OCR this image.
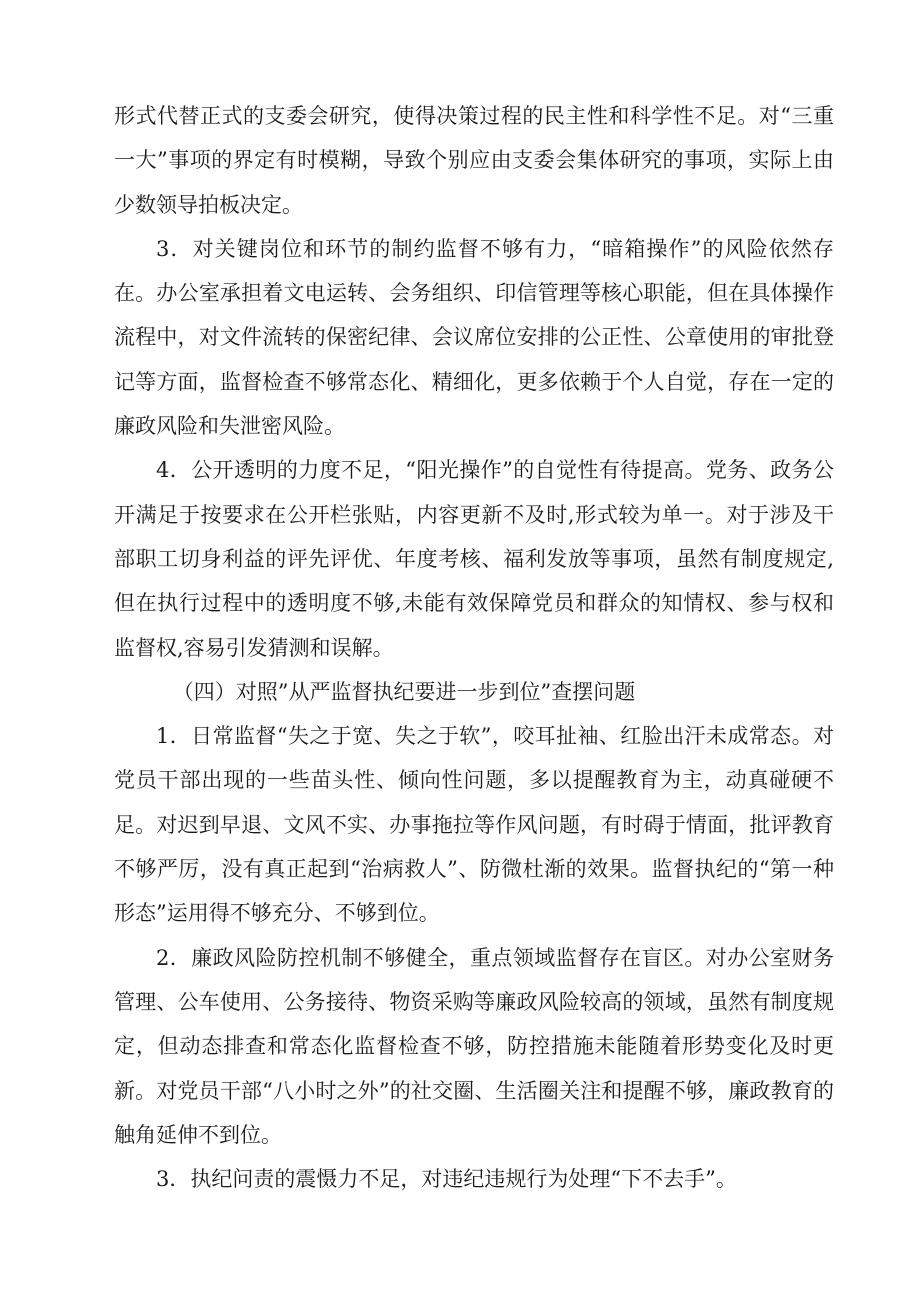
形式代替正式的支委会研究，使得决策过程的民主性和科学性不足。对“三重一大”事项的界定有时模糊，导致个别应由支委会集体研究的事项，实际上由少数领导拍板决定。

3．对关键岗位和环节的制约监督不够有力，“暗箱操作”的风险依然存在。办公室承担着文电运转、会务组织、印信管理等核心职能，但在具体操作流程中，对文件流转的保密纪律、会议席位安排的公正性、公章使用的审批登记等方面，监督检查不够常态化、精细化，更多依赖于个人自觉，存在一定的廉政风险和失泄密风险。

4．公开透明的力度不足，“阳光操作”的自觉性有待提高。党务、政务公开满足于按要求在公开栏张贴，内容更新不及时,形式较为单一。对于涉及干部职工切身利益的评先评优、年度考核、福利发放等事项，虽然有制度规定,但在执行过程中的透明度不够,未能有效保障党员和群众的知情权、参与权和监督权,容易引发猜测和误解。

（四）对照”从严监督执纪要进一步到位”查摆问题

1．日常监督“失之于宽、失之于软”，咬耳扯袖、红脸出汗未成常态。对党员干部出现的一些苗头性、倾向性问题，多以提醒教育为主，动真碰硬不足。对迟到早退、文风不实、办事拖拉等作风问题，有时碍于情面，批评教育不够严厉，没有真正起到“治病救人”、防微杜渐的效果。监督执纪的“第一种形态”运用得不够充分、不够到位。

2．廉政风险防控机制不够健全，重点领域监督存在盲区。对办公室财务管理、公车使用、公务接待、物资采购等廉政风险较高的领域，虽然有制度规定，但动态排查和常态化监督检查不够，防控措施未能随着形势变化及时更新。对党员干部“八小时之外”的社交圈、生活圈关注和提醒不够，廉政教育的触角延伸不到位。

3．执纪问责的震慑力不足，对违纪违规行为处理“下不去手”。
